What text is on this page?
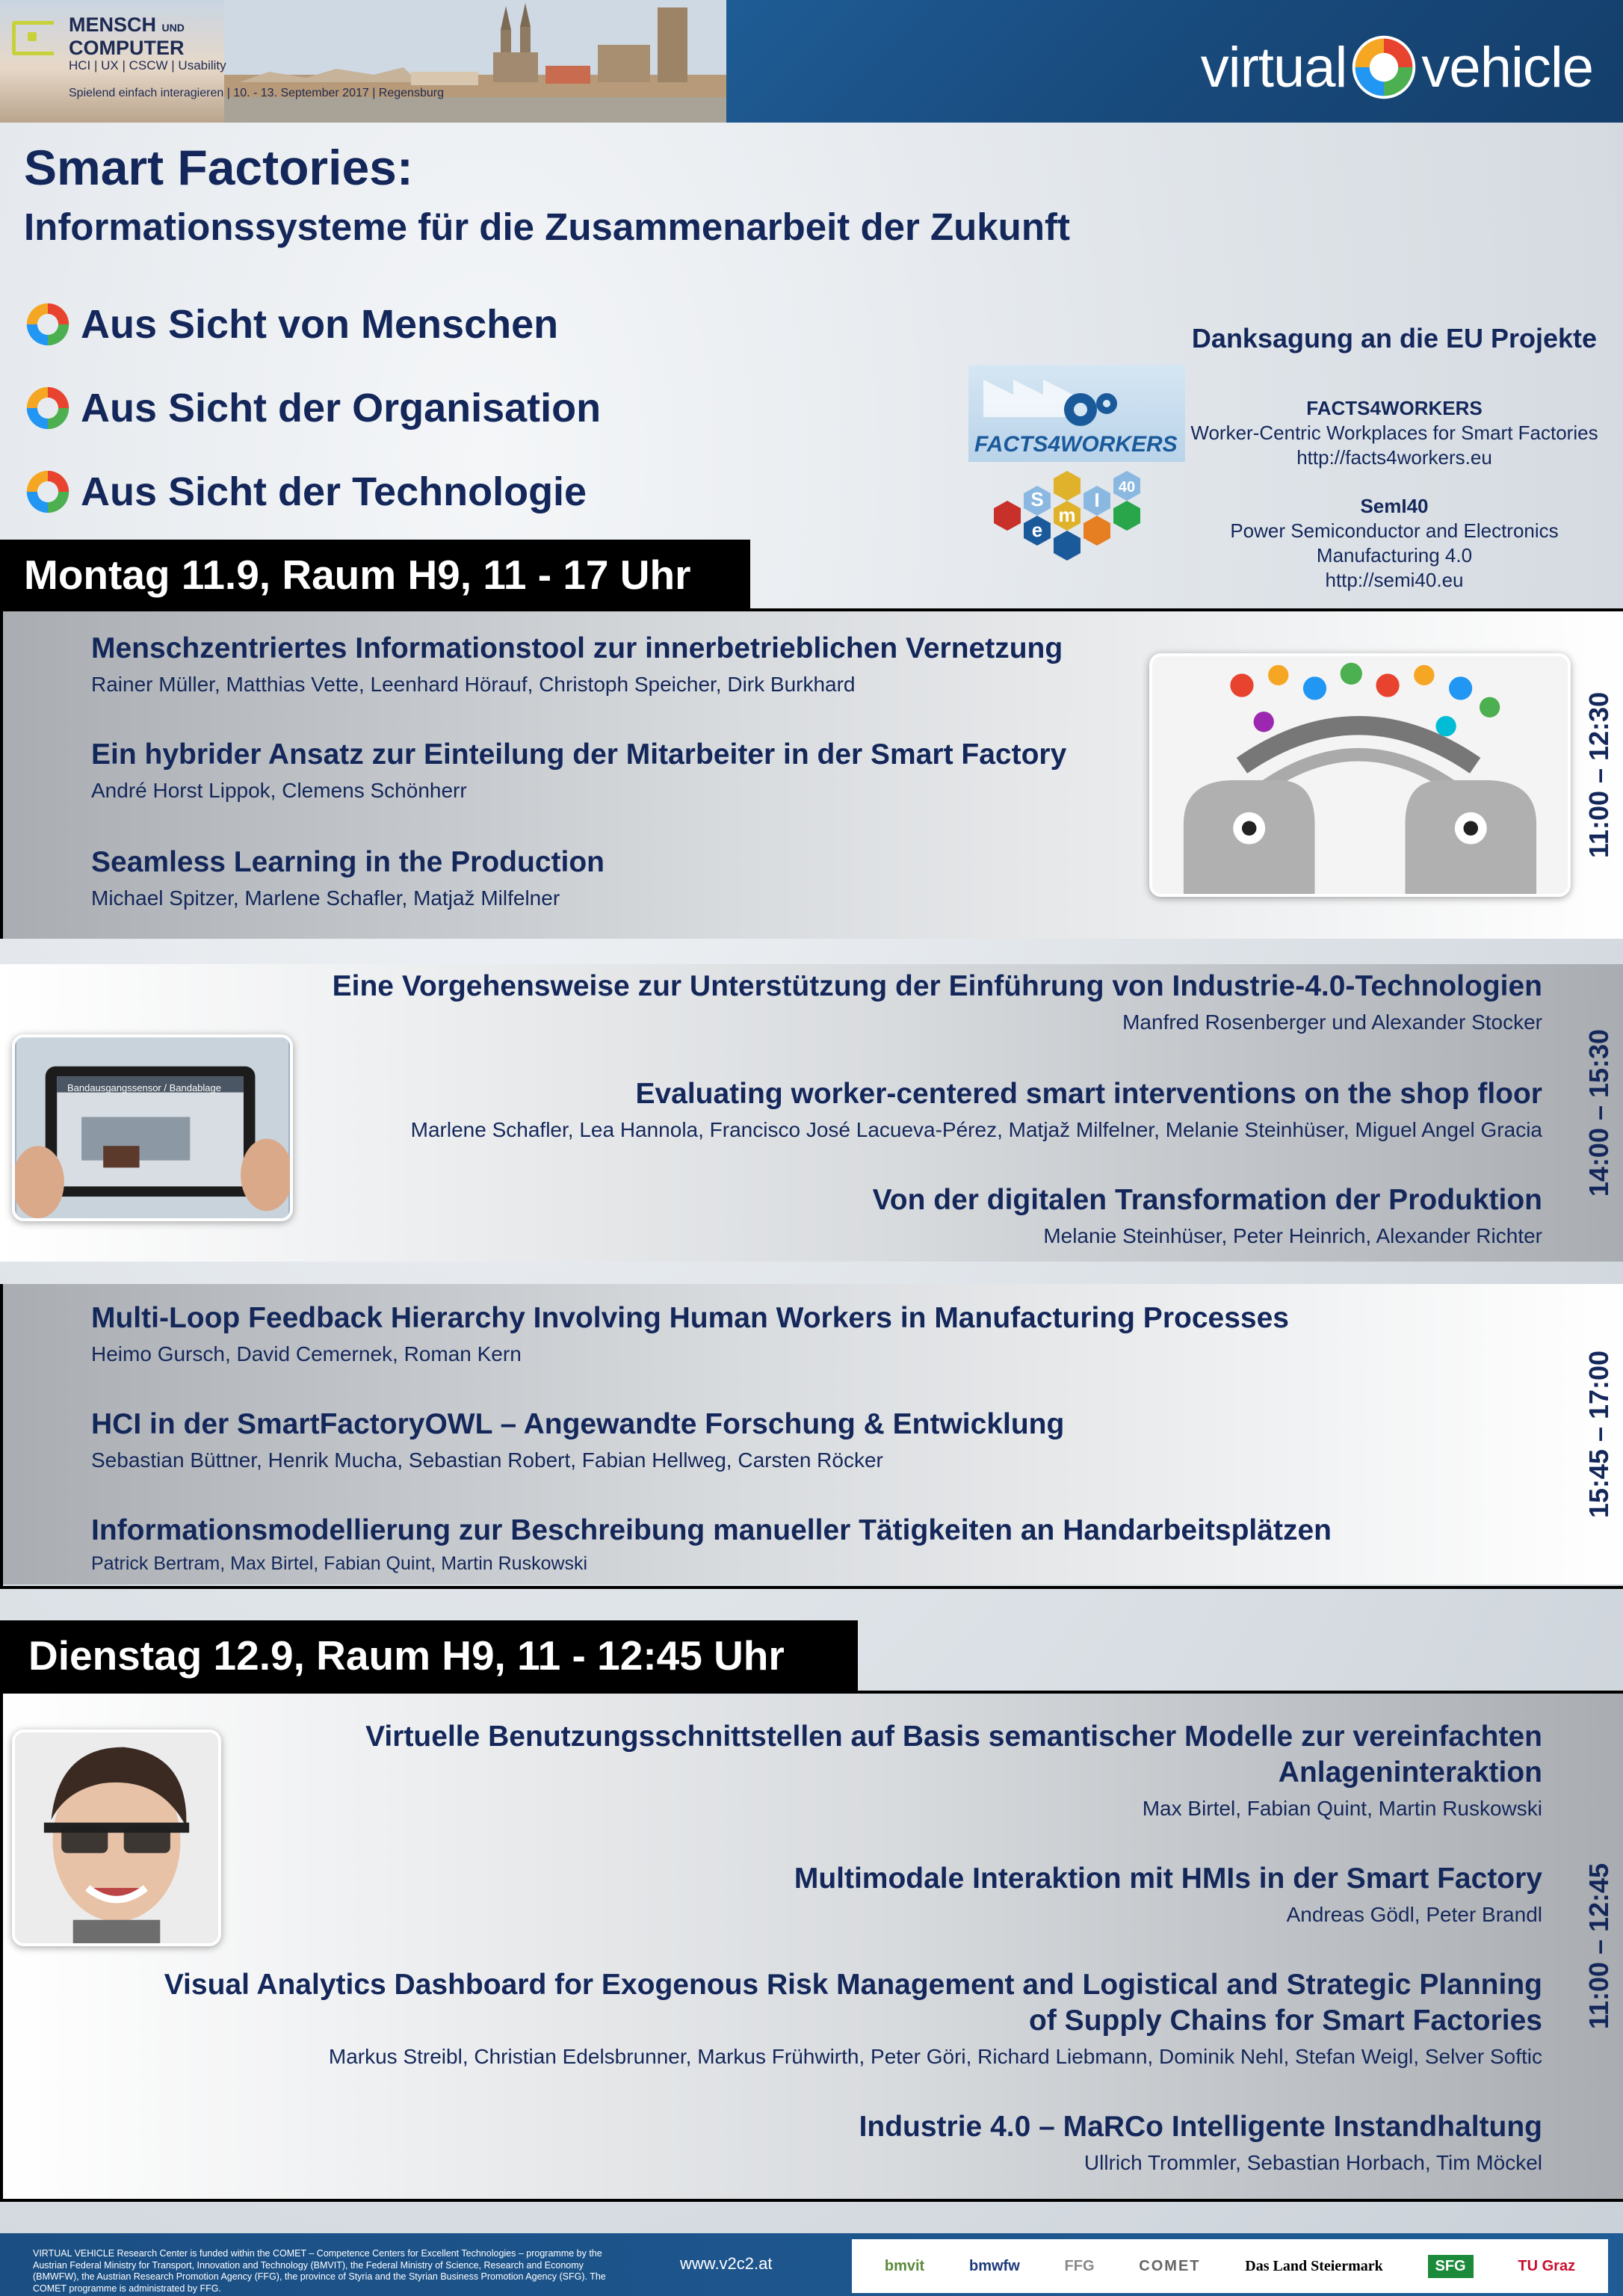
MENSCH UND
COMPUTER
HCI | UX | CSCW | Usability
Spielend einfach interagieren | 10. - 13. September 2017 | Regensburg	virtual vehicle
Smart Factories:
Informationssysteme für die Zusammenarbeit der Zukunft
Aus Sicht von Menschen
Aus Sicht der Organisation
Aus Sicht der Technologie
FACTS4WORKERS
S
e
m
I
40
Danksagung an die EU Projekte
FACTS4WORKERS
Worker-Centric Workplaces for Smart Factories
http://facts4workers.eu
SemI40
Power Semiconductor and Electronics
Manufacturing 4.0
http://semi40.eu
Montag 11.9, Raum H9, 11 - 17 Uhr
Menschzentriertes Informationstool zur innerbetrieblichen Vernetzung
Rainer Müller, Matthias Vette, Leenhard Hörauf, Christoph Speicher, Dirk Burkhard
Ein hybrider Ansatz zur Einteilung der Mitarbeiter in der Smart Factory
André Horst Lippok, Clemens Schönherr
Seamless Learning in the Production
Michael Spitzer, Marlene Schafler, Matjaž Milfelner
11:00 – 12:30
Eine Vorgehensweise zur Unterstützung der Einführung von Industrie-4.0-Technologien
Manfred Rosenberger und Alexander Stocker
Evaluating worker-centered smart interventions on the shop floor
Marlene Schafler, Lea Hannola, Francisco José Lacueva-Pérez, Matjaž Milfelner, Melanie Steinhüser, Miguel Angel Gracia
Von der digitalen Transformation der Produktion
Melanie Steinhüser, Peter Heinrich, Alexander Richter
14:00 – 15:30
Bandausgangssensor / Bandablage
Multi-Loop Feedback Hierarchy Involving Human Workers in Manufacturing Processes
Heimo Gursch, David Cemernek, Roman Kern
HCI in der SmartFactoryOWL – Angewandte Forschung & Entwicklung
Sebastian Büttner, Henrik Mucha, Sebastian Robert, Fabian Hellweg, Carsten Röcker
Informationsmodellierung zur Beschreibung manueller Tätigkeiten an Handarbeitsplätzen
Patrick Bertram, Max Birtel, Fabian Quint, Martin Ruskowski
15:45 – 17:00
Dienstag 12.9, Raum H9, 11 - 12:45 Uhr
Virtuelle Benutzungsschnittstellen auf Basis semantischer Modelle zur vereinfachten
Anlageninteraktion
Max Birtel, Fabian Quint, Martin Ruskowski
Multimodale Interaktion mit HMIs in der Smart Factory
Andreas Gödl, Peter Brandl
Visual Analytics Dashboard for Exogenous Risk Management and Logistical and Strategic Planning
of Supply Chains for Smart Factories
Markus Streibl, Christian Edelsbrunner, Markus Frühwirth, Peter Göri, Richard Liebmann, Dominik Nehl, Stefan Weigl, Selver Softic
Industrie 4.0 – MaRCo Intelligente Instandhaltung
Ullrich Trommler, Sebastian Horbach, Tim Möckel
11:00 – 12:45
VIRTUAL VEHICLE Research Center is funded within the COMET – Competence Centers for Excellent Technologies – programme by the Austrian Federal Ministry for Transport, Innovation and Technology (BMVIT), the Federal Ministry of Science, Research and Economy (BMWFW), the Austrian Research Promotion Agency (FFG), the province of Styria and the Styrian Business Promotion Agency (SFG). The COMET programme is administrated by FFG.
www.v2c2.at	bmvit	bmwfw	FFG	COMET	Das Land Steiermark	SFG	TU Graz
